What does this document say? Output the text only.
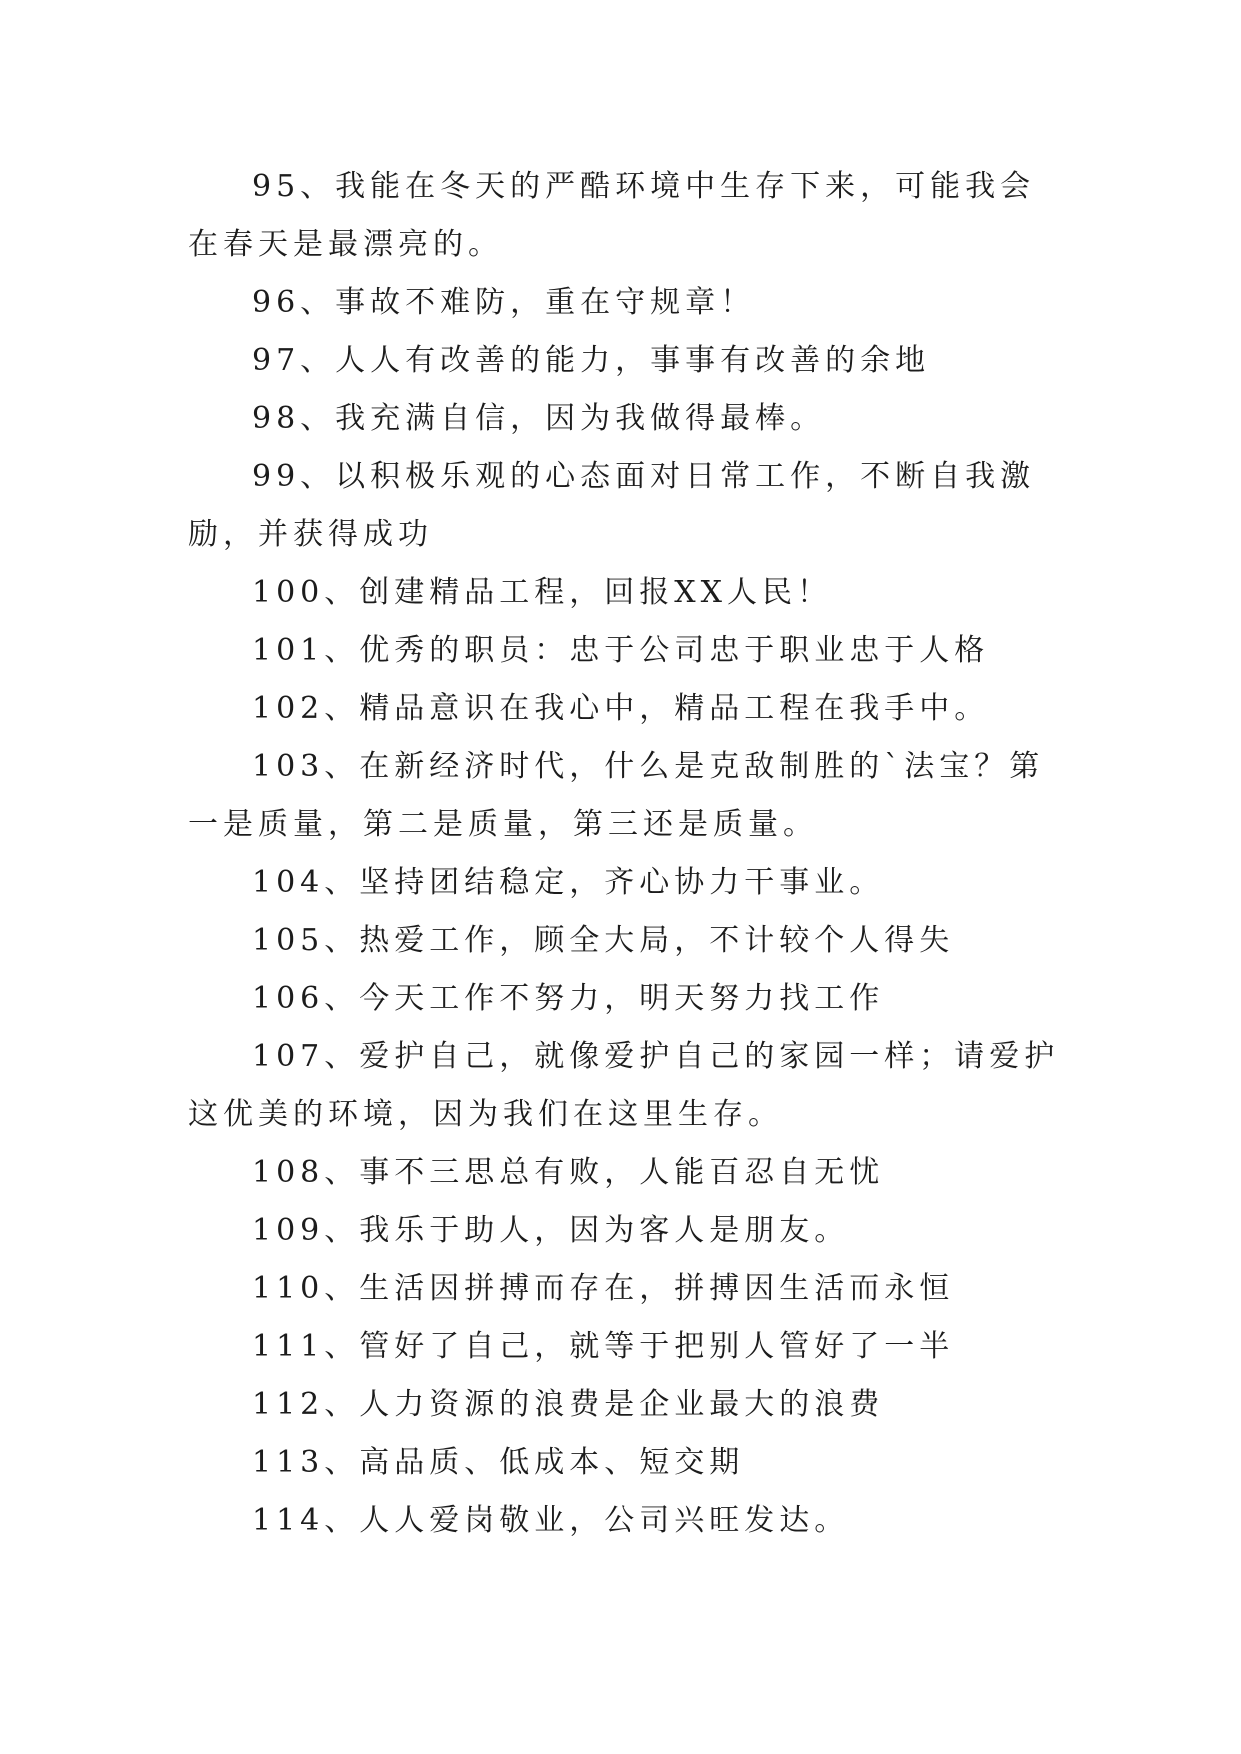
95、我能在冬天的严酷环境中生存下来，可能我会在春天是最漂亮的。

96、事故不难防，重在守规章！

97、人人有改善的能力，事事有改善的余地

98、我充满自信，因为我做得最棒。

99、以积极乐观的心态面对日常工作，不断自我激励，并获得成功

100、创建精品工程，回报XX人民！

101、优秀的职员：忠于公司忠于职业忠于人格

102、精品意识在我心中，精品工程在我手中。

103、在新经济时代，什么是克敌制胜的`法宝？第一是质量，第二是质量，第三还是质量。

104、坚持团结稳定，齐心协力干事业。

105、热爱工作，顾全大局，不计较个人得失

106、今天工作不努力，明天努力找工作

107、爱护自己，就像爱护自己的家园一样；请爱护这优美的环境，因为我们在这里生存。

108、事不三思总有败，人能百忍自无忧

109、我乐于助人，因为客人是朋友。

110、生活因拼搏而存在，拼搏因生活而永恒

111、管好了自己，就等于把别人管好了一半

112、人力资源的浪费是企业最大的浪费

113、高品质、低成本、短交期

114、人人爱岗敬业，公司兴旺发达。
